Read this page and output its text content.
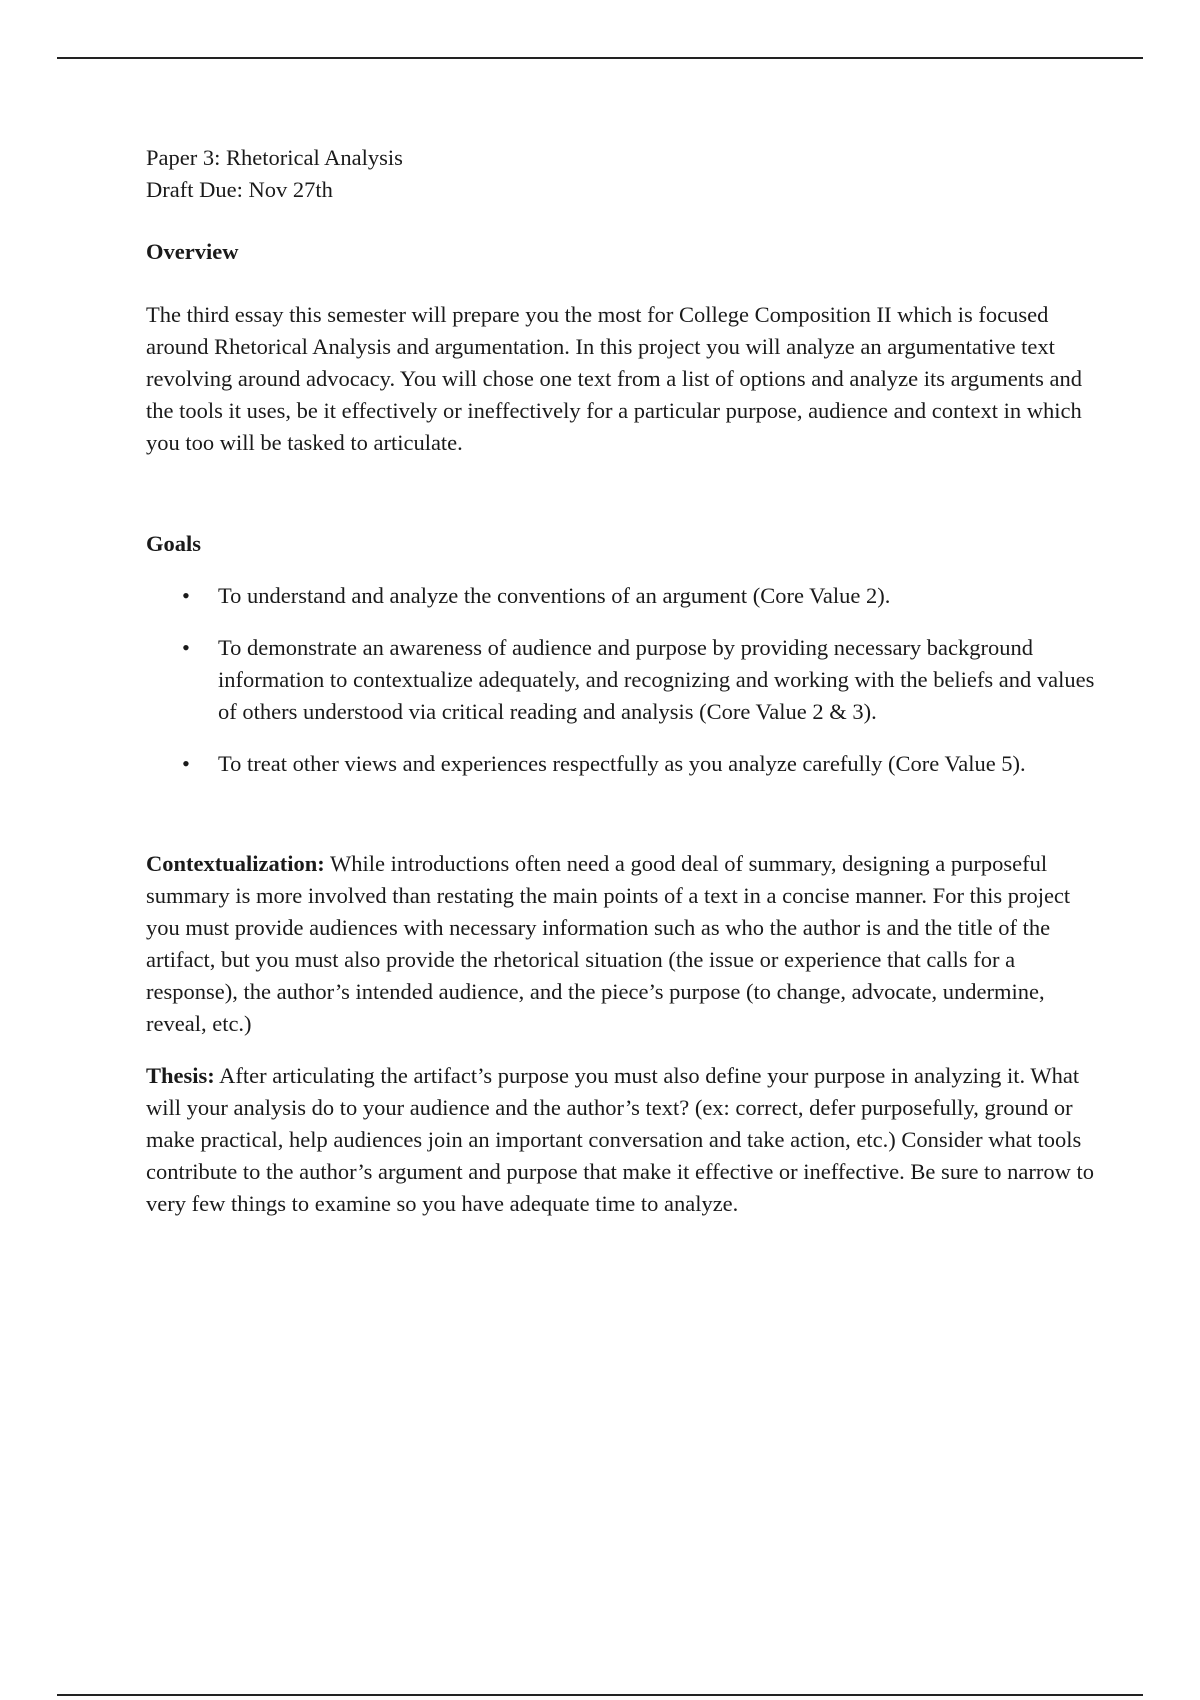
Paper 3: Rhetorical Analysis
Draft Due: Nov 27th
Overview

The third essay this semester will prepare you the most for College Composition II which is focused around Rhetorical Analysis and argumentation. In this project you will analyze an argumentative text revolving around advocacy. You will chose one text from a list of options and analyze its arguments and the tools it uses, be it effectively or ineffectively for a particular purpose, audience and context in which you too will be tasked to articulate.

Goals
• To understand and analyze the conventions of an argument (Core Value 2).
• To demonstrate an awareness of audience and purpose by providing necessary background information to contextualize adequately, and recognizing and working with the beliefs and values of others understood via critical reading and analysis (Core Value 2 & 3).
• To treat other views and experiences respectfully as you analyze carefully (Core Value 5).

Contextualization: While introductions often need a good deal of summary, designing a purposeful summary is more involved than restating the main points of a text in a concise manner. For this project you must provide audiences with necessary information such as who the author is and the title of the artifact, but you must also provide the rhetorical situation (the issue or experience that calls for a response), the author’s intended audience, and the piece’s purpose (to change, advocate, undermine, reveal, etc.)

Thesis: After articulating the artifact’s purpose you must also define your purpose in analyzing it. What will your analysis do to your audience and the author’s text? (ex: correct, defer purposefully, ground or make practical, help audiences join an important conversation and take action, etc.) Consider what tools contribute to the author’s argument and purpose that make it effective or ineffective. Be sure to narrow to very few things to examine so you have adequate time to analyze.
